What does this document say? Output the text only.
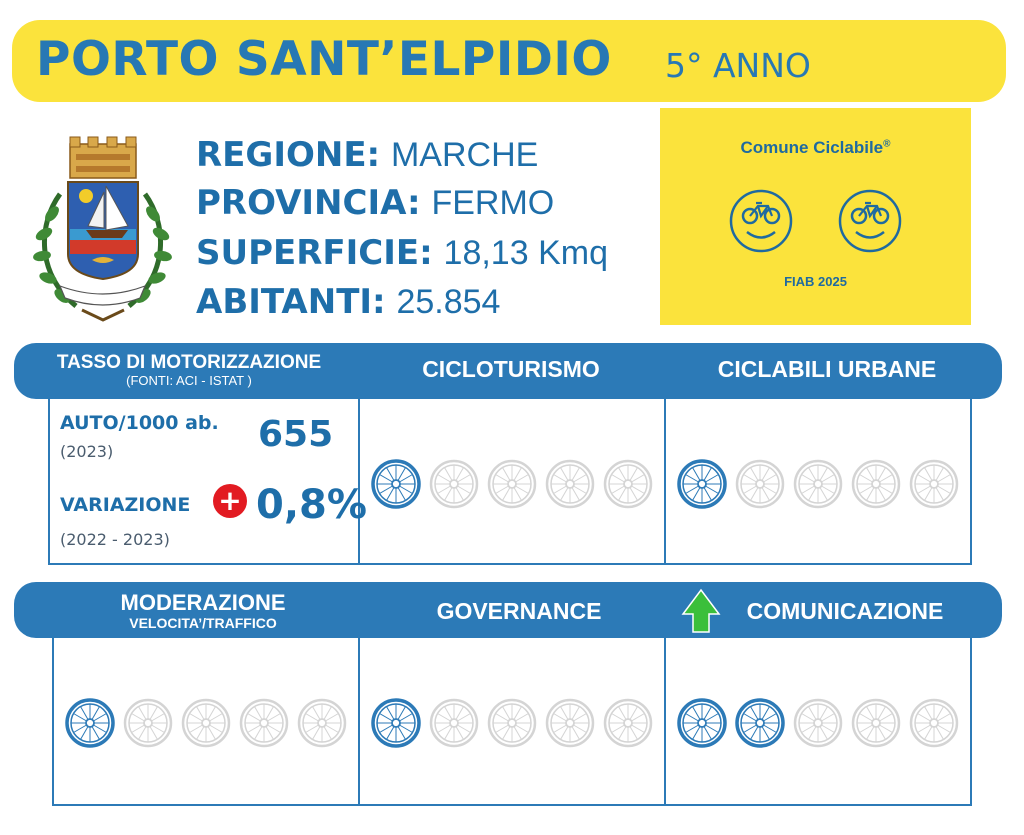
PORTO SANT’ELPIDIO 5° ANNO
REGIONE: MARCHE
PROVINCIA: FERMO
SUPERFICIE: 18,13 Kmq
ABITANTI: 25.854
Comune Ciclabile®
FIAB 2025
TASSO DI MOTORIZZAZIONE
(FONTI: ACI - ISTAT )	CICLOTURISMO	CICLABILI URBANE
AUTO/1000 ab.
(2023)	655
VARIAZIONE + 0,8%
(2022 - 2023)
MODERAZIONE
VELOCITA’/TRAFFICO	GOVERNANCE	COMUNICAZIONE
